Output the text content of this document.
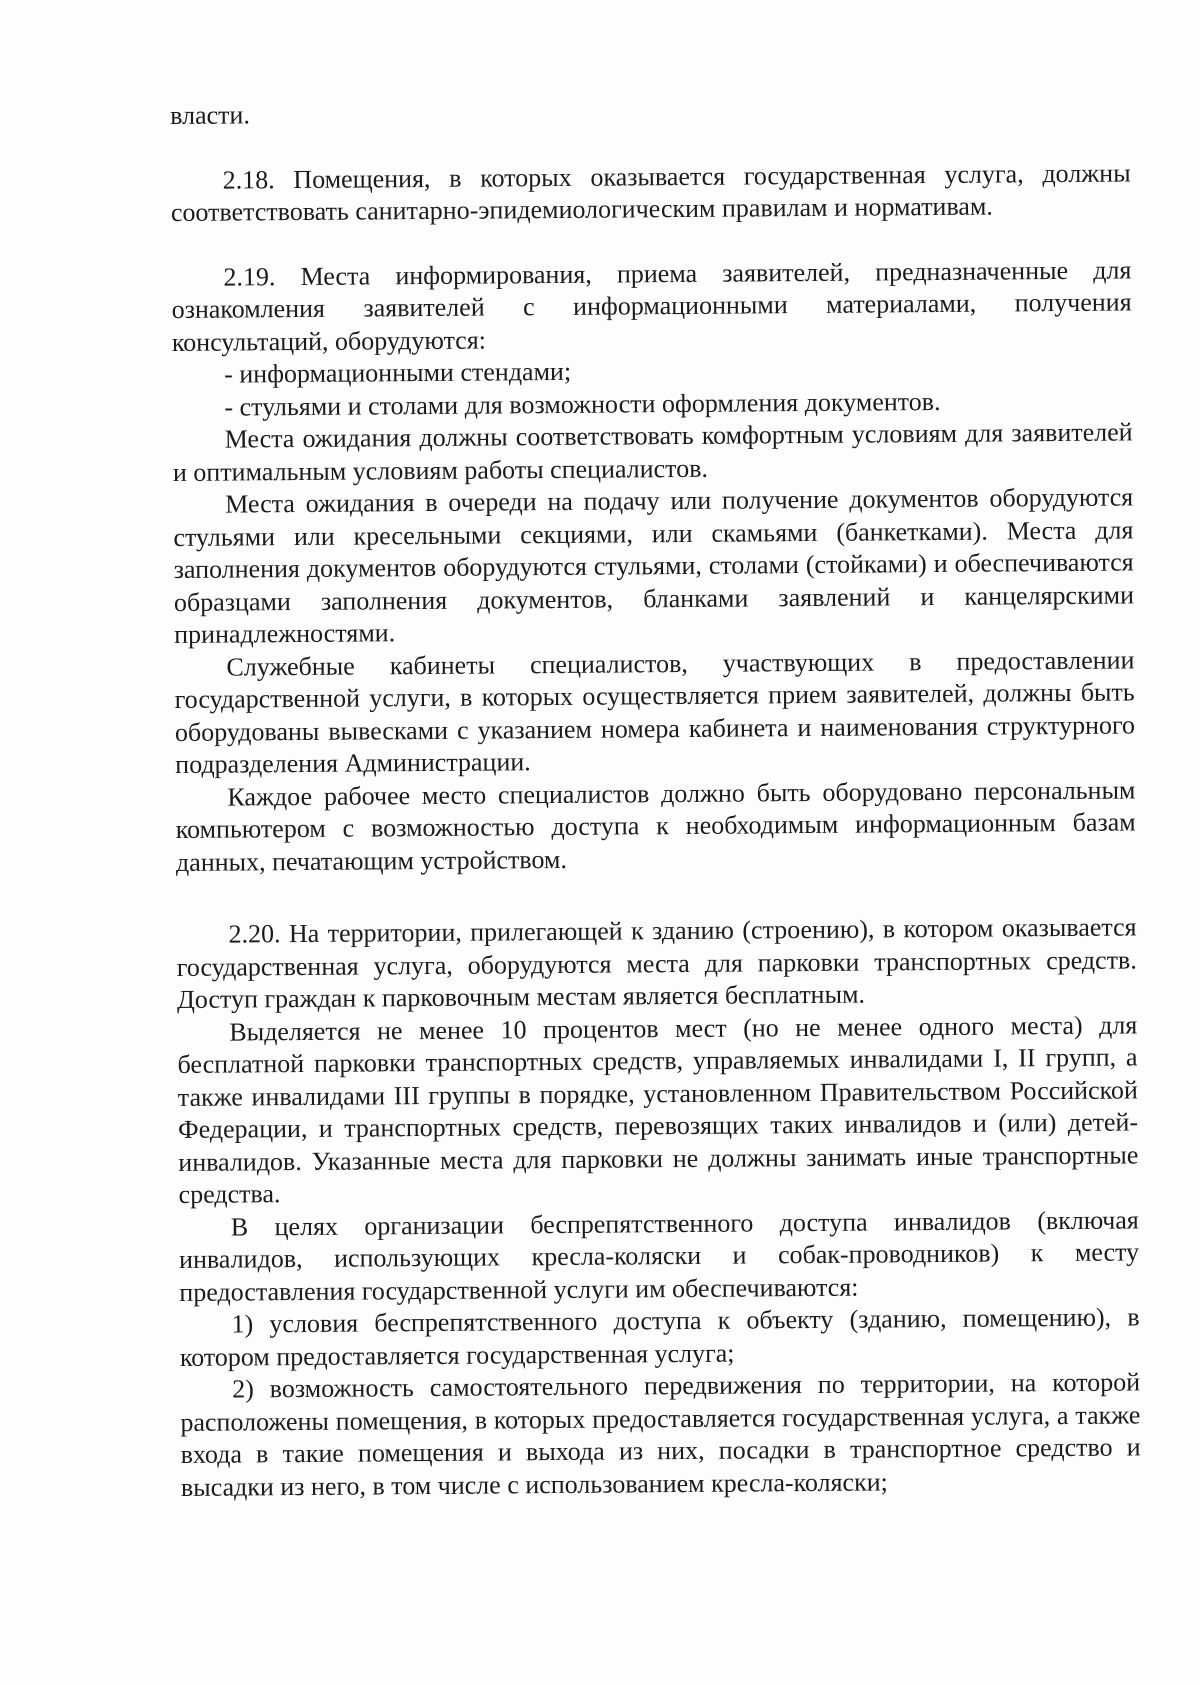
власти.

2.18. Помещения, в которых оказывается государственная услуга, должны соответствовать санитарно-эпидемиологическим правилам и нормативам.

2.19. Места информирования, приема заявителей, предназначенные для ознакомления заявителей с информационными материалами, получения консультаций, оборудуются:

- информационными стендами;

- стульями и столами для возможности оформления документов.

Места ожидания должны соответствовать комфортным условиям для заявителей и оптимальным условиям работы специалистов.

Места ожидания в очереди на подачу или получение документов оборудуются стульями или кресельными секциями, или скамьями (банкетками). Места для заполнения документов оборудуются стульями, столами (стойками) и обеспечиваются образцами заполнения документов, бланками заявлений и канцелярскими принадлежностями.

Служебные кабинеты специалистов, участвующих в предоставлении государственной услуги, в которых осуществляется прием заявителей, должны быть оборудованы вывесками с указанием номера кабинета и наименования структурного подразделения Администрации.

Каждое рабочее место специалистов должно быть оборудовано персональным компьютером с возможностью доступа к необходимым информационным базам данных, печатающим устройством.

2.20. На территории, прилегающей к зданию (строению), в котором оказывается государственная услуга, оборудуются места для парковки транспортных средств. Доступ граждан к парковочным местам является бесплатным.

Выделяется не менее 10 процентов мест (но не менее одного места) для бесплатной парковки транспортных средств, управляемых инвалидами I, II групп, а также инвалидами III группы в порядке, установленном Правительством Российской Федерации, и транспортных средств, перевозящих таких инвалидов и (или) детей-инвалидов. Указанные места для парковки не должны занимать иные транспортные средства.

В целях организации беспрепятственного доступа инвалидов (включая инвалидов, использующих кресла-коляски и собак-проводников) к месту предоставления государственной услуги им обеспечиваются:

1) условия беспрепятственного доступа к объекту (зданию, помещению), в котором предоставляется государственная услуга;

2) возможность самостоятельного передвижения по территории, на которой расположены помещения, в которых предоставляется государственная услуга, а также входа в такие помещения и выхода из них, посадки в транспортное средство и высадки из него, в том числе с использованием кресла-коляски;
